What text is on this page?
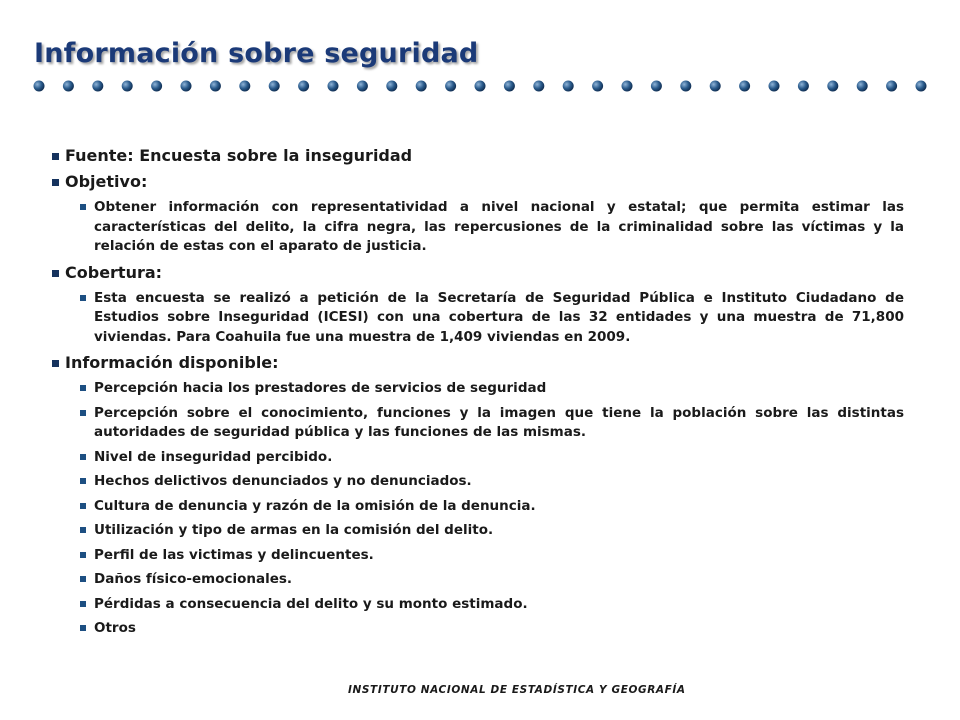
Información sobre seguridad
Fuente: Encuesta sobre la inseguridad
Objetivo:
Obtener información con representatividad a nivel nacional y estatal; que permita estimar las características del delito, la cifra negra, las repercusiones de la criminalidad sobre las víctimas y la relación de estas con el aparato de justicia.
Cobertura:
Esta encuesta se realizó a petición de la Secretaría de Seguridad Pública e Instituto Ciudadano de Estudios sobre Inseguridad (ICESI) con una cobertura de las 32 entidades y una muestra de 71,800 viviendas. Para Coahuila fue una muestra de 1,409 viviendas en 2009.
Información disponible:
Percepción hacia los prestadores de servicios de seguridad
Percepción sobre el conocimiento, funciones y la imagen que tiene la población sobre las distintas autoridades de seguridad pública y las funciones de las mismas.
Nivel de inseguridad percibido.
Hechos delictivos denunciados y no denunciados.
Cultura de denuncia y razón de la omisión de la denuncia.
Utilización y tipo de armas en la comisión del delito.
Perfil de las victimas y delincuentes.
Daños físico-emocionales.
Pérdidas a consecuencia del delito y su monto estimado.
Otros
INSTITUTO NACIONAL DE ESTADÍSTICA Y GEOGRAFÍA
